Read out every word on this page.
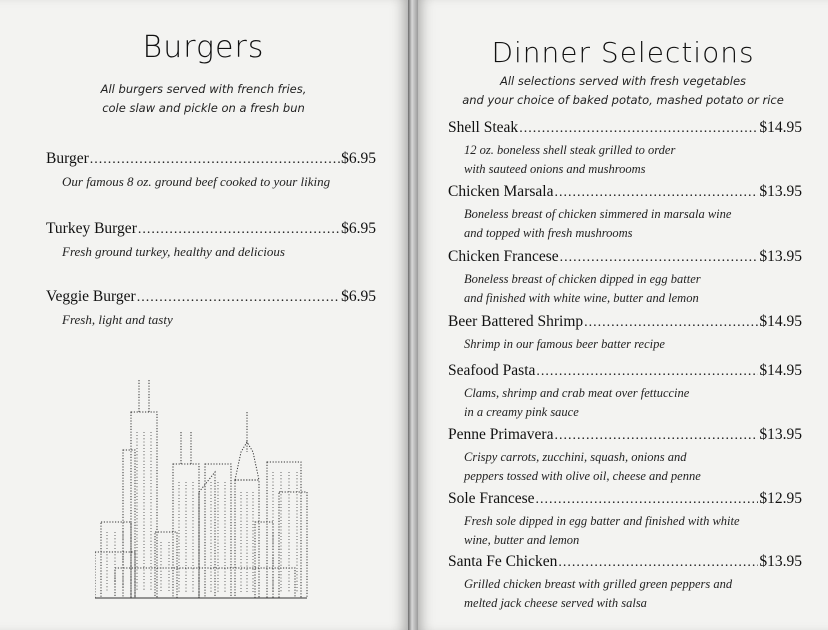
Burgers
All burgers served with french fries,
cole slaw and pickle on a fresh bun
Burger .....	$6.95
Our famous 8 oz. ground beef cooked to your liking
Turkey Burger .....	$6.95
Fresh ground turkey, healthy and delicious
Veggie Burger .....	$6.95
Fresh, light and tasty
Dinner Selections
All selections served with fresh vegetables
and your choice of baked potato, mashed potato or rice
Shell Steak .....	$14.95
12 oz. boneless shell steak grilled to order
with sauteed onions and mushrooms
Chicken Marsala .....	$13.95
Boneless breast of chicken simmered in marsala wine
and topped with fresh mushrooms
Chicken Francese .....	$13.95
Boneless breast of chicken dipped in egg batter
and finished with white wine, butter and lemon
Beer Battered Shrimp .....	$14.95
Shrimp in our famous beer batter recipe
Seafood Pasta .....	$14.95
Clams, shrimp and crab meat over fettuccine
in a creamy pink sauce
Penne Primavera .....	$13.95
Crispy carrots, zucchini, squash, onions and
peppers tossed with olive oil, cheese and penne
Sole Francese .....	$12.95
Fresh sole dipped in egg batter and finished with white
wine, butter and lemon
Santa Fe Chicken .....	$13.95
Grilled chicken breast with grilled green peppers and
melted jack cheese served with salsa
